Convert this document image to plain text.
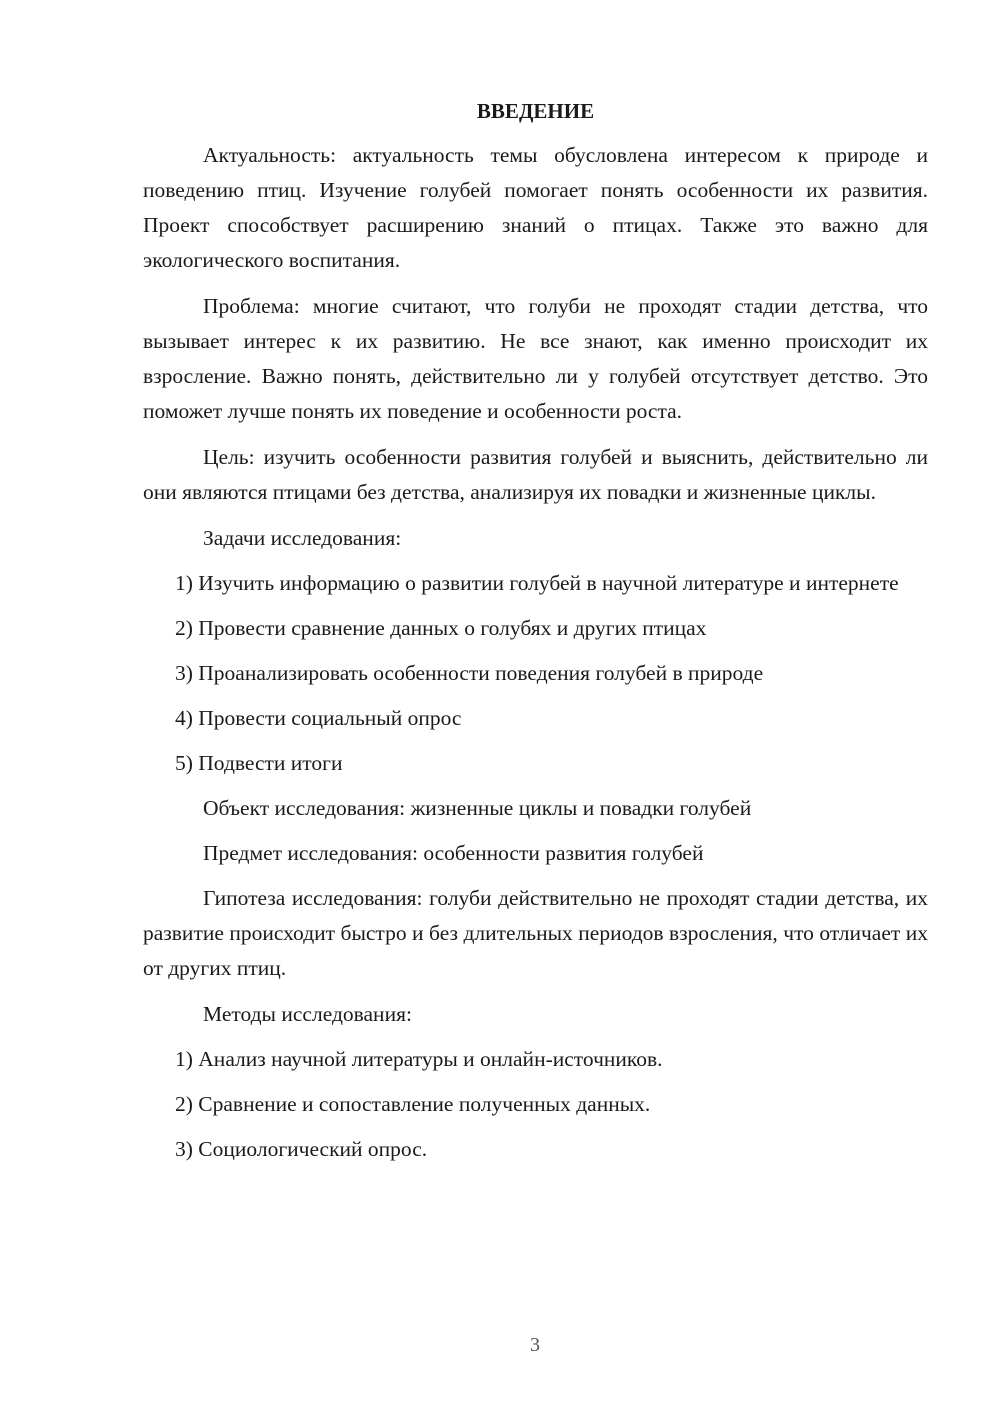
ВВЕДЕНИЕ

Актуальность: актуальность темы обусловлена интересом к природе и поведению птиц. Изучение голубей помогает понять особенности их развития. Проект способствует расширению знаний о птицах. Также это важно для экологического воспитания.

Проблема: многие считают, что голуби не проходят стадии детства, что вызывает интерес к их развитию. Не все знают, как именно происходит их взросление. Важно понять, действительно ли у голубей отсутствует детство. Это поможет лучше понять их поведение и особенности роста.

Цель: изучить особенности развития голубей и выяснить, действительно ли они являются птицами без детства, анализируя их повадки и жизненные циклы.

Задачи исследования:

1) Изучить информацию о развитии голубей в научной литературе и интернете

2) Провести сравнение данных о голубях и других птицах

3) Проанализировать особенности поведения голубей в природе

4) Провести социальный опрос

5) Подвести итоги

Объект исследования: жизненные циклы и повадки голубей

Предмет исследования: особенности развития голубей

Гипотеза исследования: голуби действительно не проходят стадии детства, их развитие происходит быстро и без длительных периодов взросления, что отличает их от других птиц.

Методы исследования:

1) Анализ научной литературы и онлайн-источников.

2) Сравнение и сопоставление полученных данных.

3) Социологический опрос.

3
